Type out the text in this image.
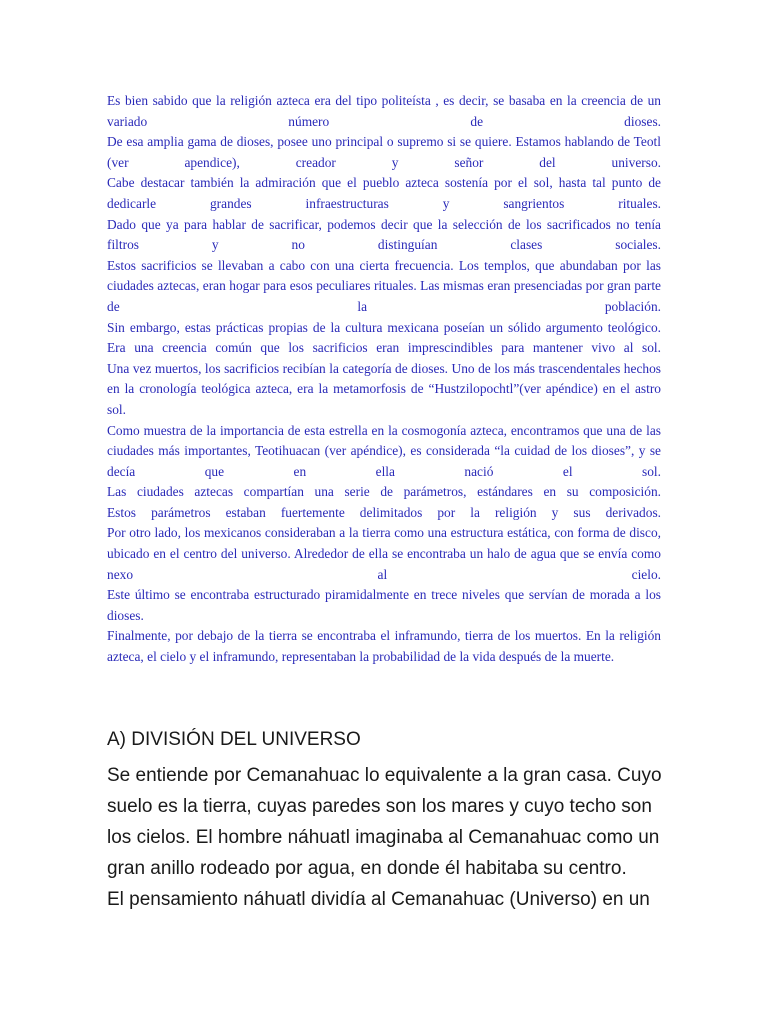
Es bien sabido que la religión azteca era del tipo politeísta , es decir, se basaba en la creencia de un variado número de dioses.

De esa amplia gama de dioses, posee uno principal o supremo si se quiere. Estamos hablando de Teotl (ver apendice), creador y señor del universo.

Cabe destacar también la admiración que el pueblo azteca sostenía por el sol, hasta tal punto de dedicarle grandes infraestructuras y sangrientos rituales.

Dado que ya para hablar de sacrificar, podemos decir que la selección de los sacrificados no tenía filtros y no distinguían clases sociales.

Estos sacrificios se llevaban a cabo con una cierta frecuencia. Los templos, que abundaban por las ciudades aztecas, eran hogar para esos peculiares rituales. Las mismas eran presenciadas por gran parte de la población.

Sin embargo, estas prácticas propias de la cultura mexicana poseían un sólido argumento teológico. Era una creencia común que los sacrificios eran imprescindibles para mantener vivo al sol.

Una vez muertos, los sacrificios recibían la categoría de dioses. Uno de los más trascendentales hechos en la cronología teológica azteca, era la metamorfosis de “Hustzilopochtl”(ver apéndice) en el astro sol.

Como muestra de la importancia de esta estrella en la cosmogonía azteca, encontramos que una de las ciudades más importantes, Teotihuacan (ver apéndice), es considerada “la cuidad de los dioses”, y se decía que en ella nació el sol.

Las ciudades aztecas compartían una serie de parámetros, estándares en su composición.

Estos parámetros estaban fuertemente delimitados por la religión y sus derivados.

Por otro lado, los mexicanos consideraban a la tierra como una estructura estática, con forma de disco, ubicado en el centro del universo. Alrededor de ella se encontraba un halo de agua que se envía como nexo al cielo.

Este último se encontraba estructurado piramidalmente en trece niveles que servían de morada a los dioses.

Finalmente, por debajo de la tierra se encontraba el inframundo, tierra de los muertos. En la religión azteca, el cielo y el inframundo, representaban la probabilidad de la vida después de la muerte.

A) DIVISIÓN DEL UNIVERSO

Se entiende por Cemanahuac lo equivalente a la gran casa. Cuyo suelo es la tierra, cuyas paredes son los mares y cuyo techo son los cielos. El hombre náhuatl imaginaba al Cemanahuac como un gran anillo rodeado por agua, en donde él habitaba su centro.

El pensamiento náhuatl dividía al Cemanahuac (Universo) en un
